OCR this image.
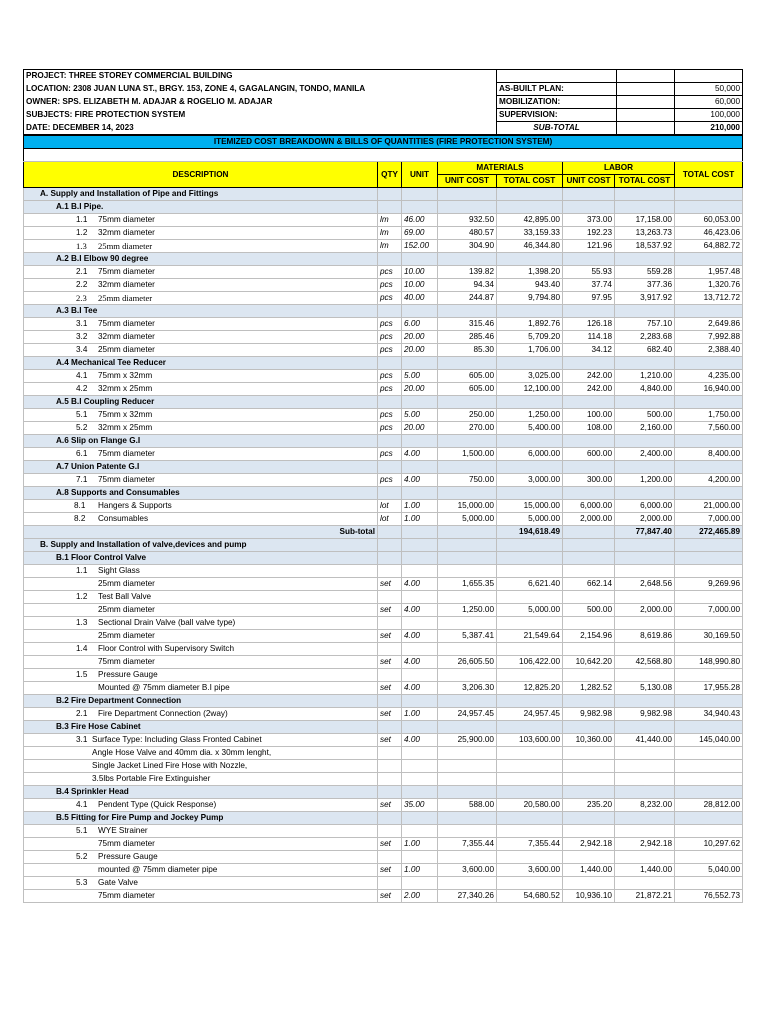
PROJECT: THREE STOREY COMMERCIAL BUILDING			
LOCATION: 2308 JUAN LUNA ST., BRGY. 153, ZONE 4, GAGALANGIN, TONDO, MANILA	AS-BUILT PLAN:		50,000
OWNER: SPS. ELIZABETH M. ADAJAR & ROGELIO M. ADAJAR	MOBILIZATION:		60,000
SUBJECTS: FIRE PROTECTION SYSTEM	SUPERVISION:		100,000
DATE: DECEMBER 14, 2023	SUB-TOTAL		210,000
ITEMIZED COST BREAKDOWN & BILLS OF QUANTITIES (FIRE PROTECTION SYSTEM)							

DESCRIPTION	QTY	UNIT	MATERIALS		LABOR		TOTAL COST
			UNIT COST	TOTAL COST	UNIT COST	TOTAL COST	
A. Supply and Installation of Pipe and Fittings							
A.1 B.I Pipe.							
1.1 75mm diameter	lm	46.00	932.50	42,895.00	373.00	17,158.00	60,053.00
1.2 32mm diameter	lm	69.00	480.57	33,159.33	192.23	13,263.73	46,423.06
1.3 25mm diameter	lm	152.00	304.90	46,344.80	121.96	18,537.92	64,882.72
A.2 B.I Elbow 90 degree							
2.1 75mm diameter	pcs	10.00	139.82	1,398.20	55.93	559.28	1,957.48
2.2 32mm diameter	pcs	10.00	94.34	943.40	37.74	377.36	1,320.76
2.3 25mm diameter	pcs	40.00	244.87	9,794.80	97.95	3,917.92	13,712.72
A.3 B.I Tee							
3.1 75mm diameter	pcs	6.00	315.46	1,892.76	126.18	757.10	2,649.86
3.2 32mm diameter	pcs	20.00	285.46	5,709.20	114.18	2,283.68	7,992.88
3.4 25mm diameter	pcs	20.00	85.30	1,706.00	34.12	682.40	2,388.40
A.4 Mechanical Tee Reducer							
4.1 75mm x 32mm	pcs	5.00	605.00	3,025.00	242.00	1,210.00	4,235.00
4.2 32mm x 25mm	pcs	20.00	605.00	12,100.00	242.00	4,840.00	16,940.00
A.5 B.I Coupling Reducer							
5.1 75mm x 32mm	pcs	5.00	250.00	1,250.00	100.00	500.00	1,750.00
5.2 32mm x 25mm	pcs	20.00	270.00	5,400.00	108.00	2,160.00	7,560.00
A.6 Slip on Flange G.I							
6.1 75mm diameter	pcs	4.00	1,500.00	6,000.00	600.00	2,400.00	8,400.00
A.7 Union Patente G.I							
7.1 75mm diameter	pcs	4.00	750.00	3,000.00	300.00	1,200.00	4,200.00
A.8 Supports and Consumables							
8.1 Hangers & Supports	lot	1.00	15,000.00	15,000.00	6,000.00	6,000.00	21,000.00
8.2 Consumables	lot	1.00	5,000.00	5,000.00	2,000.00	2,000.00	7,000.00
Sub-total				194,618.49		77,847.40	272,465.89
B. Supply and Installation of valve,devices and pump							
B.1 Floor Control Valve							
1.1 Sight Glass							
25mm diameter	set	4.00	1,655.35	6,621.40	662.14	2,648.56	9,269.96
1.2 Test Ball Valve							
25mm diameter	set	4.00	1,250.00	5,000.00	500.00	2,000.00	7,000.00
1.3 Sectional Drain Valve (ball valve type)							
25mm diameter	set	4.00	5,387.41	21,549.64	2,154.96	8,619.86	30,169.50
1.4 Floor Control with Supervisory Switch							
75mm diameter	set	4.00	26,605.50	106,422.00	10,642.20	42,568.80	148,990.80
1.5 Pressure Gauge							
Mounted @ 75mm diameter B.I pipe	set	4.00	3,206.30	12,825.20	1,282.52	5,130.08	17,955.28
B.2 Fire Department Connection							
2.1 Fire Department Connection (2way)	set	1.00	24,957.45	24,957.45	9,982.98	9,982.98	34,940.43
B.3 Fire Hose Cabinet							
3.1 Surface Type: Including Glass Fronted Cabinet	set	4.00	25,900.00	103,600.00	10,360.00	41,440.00	145,040.00
Angle Hose Valve and 40mm dia. x 30mm lenght,							
Single Jacket Lined Fire Hose with Nozzle,							
3.5lbs Portable Fire Extinguisher							
B.4 Sprinkler Head							
4.1 Pendent Type (Quick Response)	set	35.00	588.00	20,580.00	235.20	8,232.00	28,812.00
B.5 Fitting for Fire Pump and Jockey Pump							
5.1 WYE Strainer							
75mm diameter	set	1.00	7,355.44	7,355.44	2,942.18	2,942.18	10,297.62
5.2 Pressure Gauge							
mounted @ 75mm diameter pipe	set	1.00	3,600.00	3,600.00	1,440.00	1,440.00	5,040.00
5.3 Gate Valve							
75mm diameter	set	2.00	27,340.26	54,680.52	10,936.10	21,872.21	76,552.73
